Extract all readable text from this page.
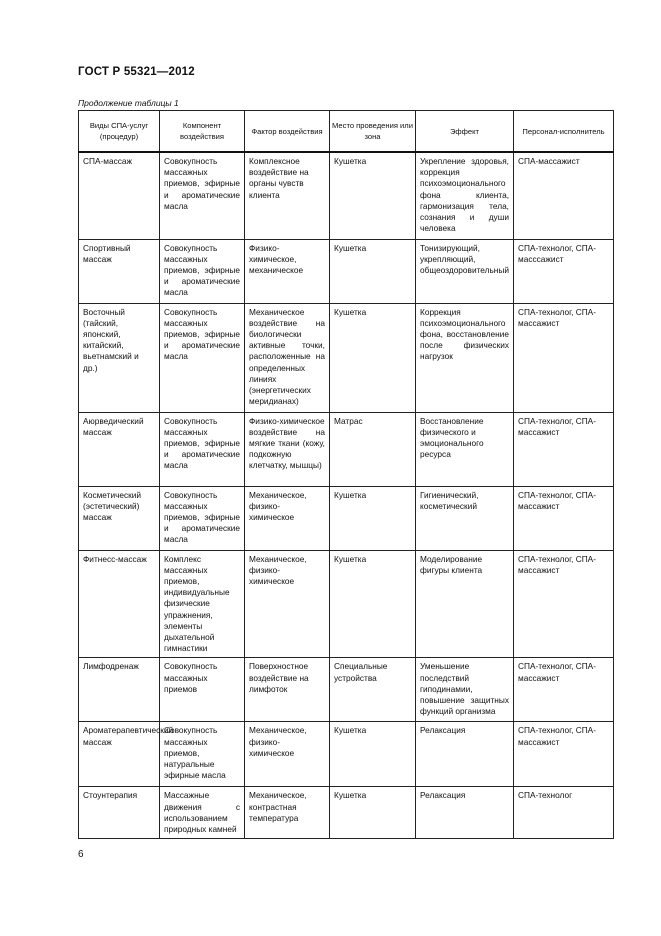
ГОСТ Р 55321—2012
Продолжение таблицы 1
Виды СПА-услуг (процедур)	Компонент воздействия	Фактор воздействия	Место проведения или зона	Эффект	Персонал-исполнитель
СПА-массаж	Совокупность массажных приемов, эфирные и ароматические масла	Комплексное воздействие на органы чувств клиента	Кушетка	Укрепление здоровья, коррекция психоэмоционального фона клиента, гармонизация тела, сознания и души человека	СПА-массажист
Спортивный массаж	Совокупность массажных приемов, эфирные и ароматические масла	Физико-химическое, механическое	Кушетка	Тонизирующий, укрепляющий, общеоздоровительный	СПА-технолог, СПА-масссажист
Восточный (тайский, японский, китайский, вьетнамский и др.)	Совокупность массажных приемов, эфирные и ароматические масла	Механическое воздействие на биологически активные точки, расположенные на определенных линиях (энергетических меридианах)	Кушетка	Коррекция психоэмоционального фона, восстановление после физических нагрузок	СПА-технолог, СПА-массажист
Аюрведический массаж	Совокупность массажных приемов, эфирные и ароматические масла	Физико-химическое воздействие на мягкие ткани (кожу, подкожную клетчатку, мышцы)	Матрас	Восстановление физического и эмоционального ресурса	СПА-технолог, СПА-массажист
Косметический (эстетический) массаж	Совокупность массажных приемов, эфирные и ароматические масла	Механическое, физико-химическое	Кушетка	Гигиенический, косметический	СПА-технолог, СПА-массажист
Фитнесс-массаж	Комплекс массажных приемов, индивидуальные физические упражнения, элементы дыхательной гимнастики	Механическое, физико-химическое	Кушетка	Моделирование фигуры клиента	СПА-технолог, СПА-массажист
Лимфодренаж	Совокупность массажных приемов	Поверхностное воздействие на лимфоток	Специальные устройства	Уменьшение последствий гиподинамии, повышение защитных функций организма	СПА-технолог, СПА-массажист
Ароматерапевтический массаж	Совокупность массажных приемов, натуральные эфирные масла	Механическое, физико-химическое	Кушетка	Релаксация	СПА-технолог, СПА-массажист
Стоунтерапия	Массажные движения с использованием природных камней	Механическое, контрастная температура	Кушетка	Релаксация	СПА-технолог
6
